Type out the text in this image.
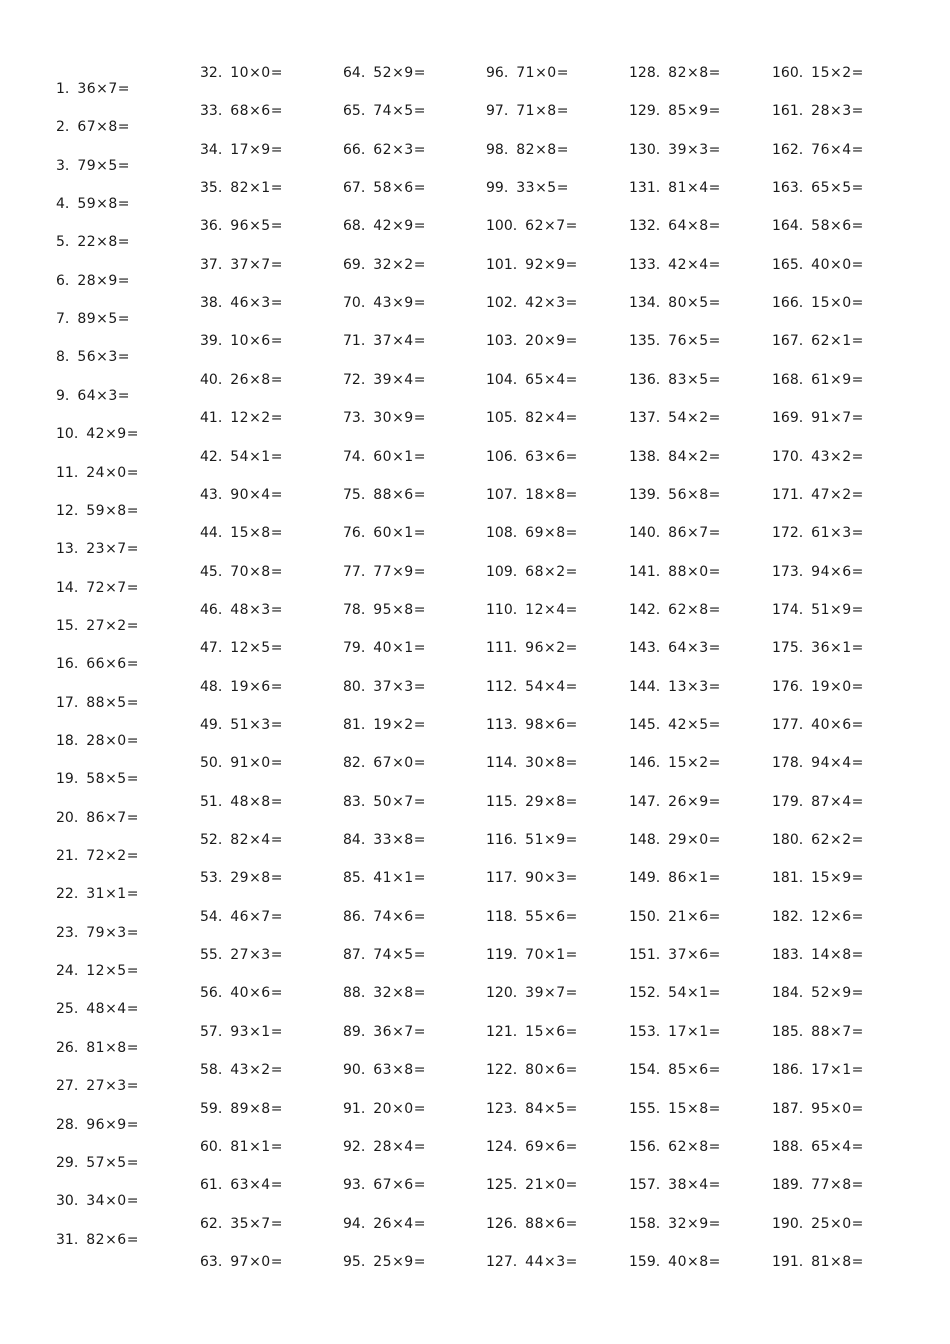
1. 36×7=
2. 67×8=
3. 79×5=
4. 59×8=
5. 22×8=
6. 28×9=
7. 89×5=
8. 56×3=
9. 64×3=
10. 42×9=
11. 24×0=
12. 59×8=
13. 23×7=
14. 72×7=
15. 27×2=
16. 66×6=
17. 88×5=
18. 28×0=
19. 58×5=
20. 86×7=
21. 72×2=
22. 31×1=
23. 79×3=
24. 12×5=
25. 48×4=
26. 81×8=
27. 27×3=
28. 96×9=
29. 57×5=
30. 34×0=
31. 82×6=
32. 10×0=
33. 68×6=
34. 17×9=
35. 82×1=
36. 96×5=
37. 37×7=
38. 46×3=
39. 10×6=
40. 26×8=
41. 12×2=
42. 54×1=
43. 90×4=
44. 15×8=
45. 70×8=
46. 48×3=
47. 12×5=
48. 19×6=
49. 51×3=
50. 91×0=
51. 48×8=
52. 82×4=
53. 29×8=
54. 46×7=
55. 27×3=
56. 40×6=
57. 93×1=
58. 43×2=
59. 89×8=
60. 81×1=
61. 63×4=
62. 35×7=
63. 97×0=
64. 52×9=
65. 74×5=
66. 62×3=
67. 58×6=
68. 42×9=
69. 32×2=
70. 43×9=
71. 37×4=
72. 39×4=
73. 30×9=
74. 60×1=
75. 88×6=
76. 60×1=
77. 77×9=
78. 95×8=
79. 40×1=
80. 37×3=
81. 19×2=
82. 67×0=
83. 50×7=
84. 33×8=
85. 41×1=
86. 74×6=
87. 74×5=
88. 32×8=
89. 36×7=
90. 63×8=
91. 20×0=
92. 28×4=
93. 67×6=
94. 26×4=
95. 25×9=
96. 71×0=
97. 71×8=
98. 82×8=
99. 33×5=
100. 62×7=
101. 92×9=
102. 42×3=
103. 20×9=
104. 65×4=
105. 82×4=
106. 63×6=
107. 18×8=
108. 69×8=
109. 68×2=
110. 12×4=
111. 96×2=
112. 54×4=
113. 98×6=
114. 30×8=
115. 29×8=
116. 51×9=
117. 90×3=
118. 55×6=
119. 70×1=
120. 39×7=
121. 15×6=
122. 80×6=
123. 84×5=
124. 69×6=
125. 21×0=
126. 88×6=
127. 44×3=
128. 82×8=
129. 85×9=
130. 39×3=
131. 81×4=
132. 64×8=
133. 42×4=
134. 80×5=
135. 76×5=
136. 83×5=
137. 54×2=
138. 84×2=
139. 56×8=
140. 86×7=
141. 88×0=
142. 62×8=
143. 64×3=
144. 13×3=
145. 42×5=
146. 15×2=
147. 26×9=
148. 29×0=
149. 86×1=
150. 21×6=
151. 37×6=
152. 54×1=
153. 17×1=
154. 85×6=
155. 15×8=
156. 62×8=
157. 38×4=
158. 32×9=
159. 40×8=
160. 15×2=
161. 28×3=
162. 76×4=
163. 65×5=
164. 58×6=
165. 40×0=
166. 15×0=
167. 62×1=
168. 61×9=
169. 91×7=
170. 43×2=
171. 47×2=
172. 61×3=
173. 94×6=
174. 51×9=
175. 36×1=
176. 19×0=
177. 40×6=
178. 94×4=
179. 87×4=
180. 62×2=
181. 15×9=
182. 12×6=
183. 14×8=
184. 52×9=
185. 88×7=
186. 17×1=
187. 95×0=
188. 65×4=
189. 77×8=
190. 25×0=
191. 81×8=
